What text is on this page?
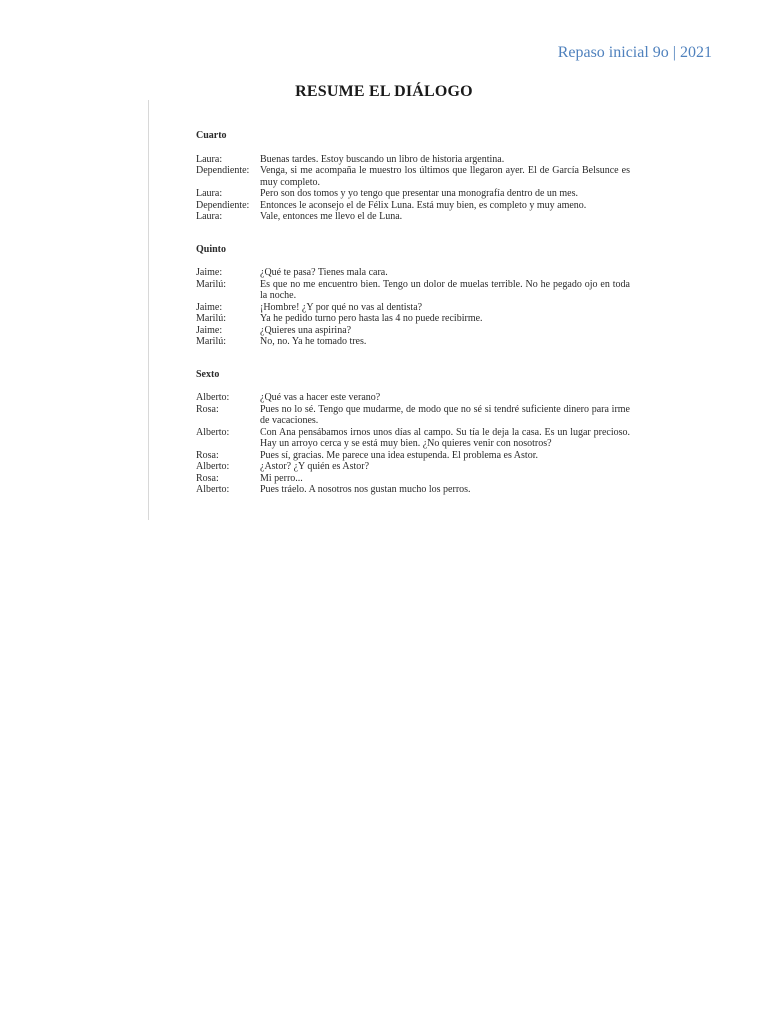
Repaso inicial 9o | 2021
RESUME EL DIÁLOGO
Cuarto
Laura:	Buenas tardes. Estoy buscando un libro de historia argentina.
Dependiente:	Venga, si me acompaña le muestro los últimos que llegaron ayer. El de García Belsunce es muy completo.
Laura:	Pero son dos tomos y yo tengo que presentar una monografía dentro de un mes.
Dependiente:	Entonces le aconsejo el de Félix Luna. Está muy bien, es completo y muy ameno.
Laura:	Vale, entonces me llevo el de Luna.
Quinto
Jaime:	¿Qué te pasa? Tienes mala cara.
Marilú:	Es que no me encuentro bien. Tengo un dolor de muelas terrible. No he pegado ojo en toda la noche.
Jaime:	¡Hombre! ¿Y por qué no vas al dentista?
Marilú:	Ya he pedido turno pero hasta las 4 no puede recibirme.
Jaime:	¿Quieres una aspirina?
Marilú:	No, no. Ya he tomado tres.
Sexto
Alberto:	¿Qué vas a hacer este verano?
Rosa:	Pues no lo sé. Tengo que mudarme, de modo que no sé si tendré suficiente dinero para irme de vacaciones.
Alberto:	Con Ana pensábamos irnos unos días al campo. Su tía le deja la casa. Es un lugar precioso. Hay un arroyo cerca y se está muy bien. ¿No quieres venir con nosotros?
Rosa:	Pues sí, gracias. Me parece una idea estupenda. El problema es Astor.
Alberto:	¿Astor? ¿Y quién es Astor?
Rosa:	Mi perro...
Alberto:	Pues tráelo. A nosotros nos gustan mucho los perros.
